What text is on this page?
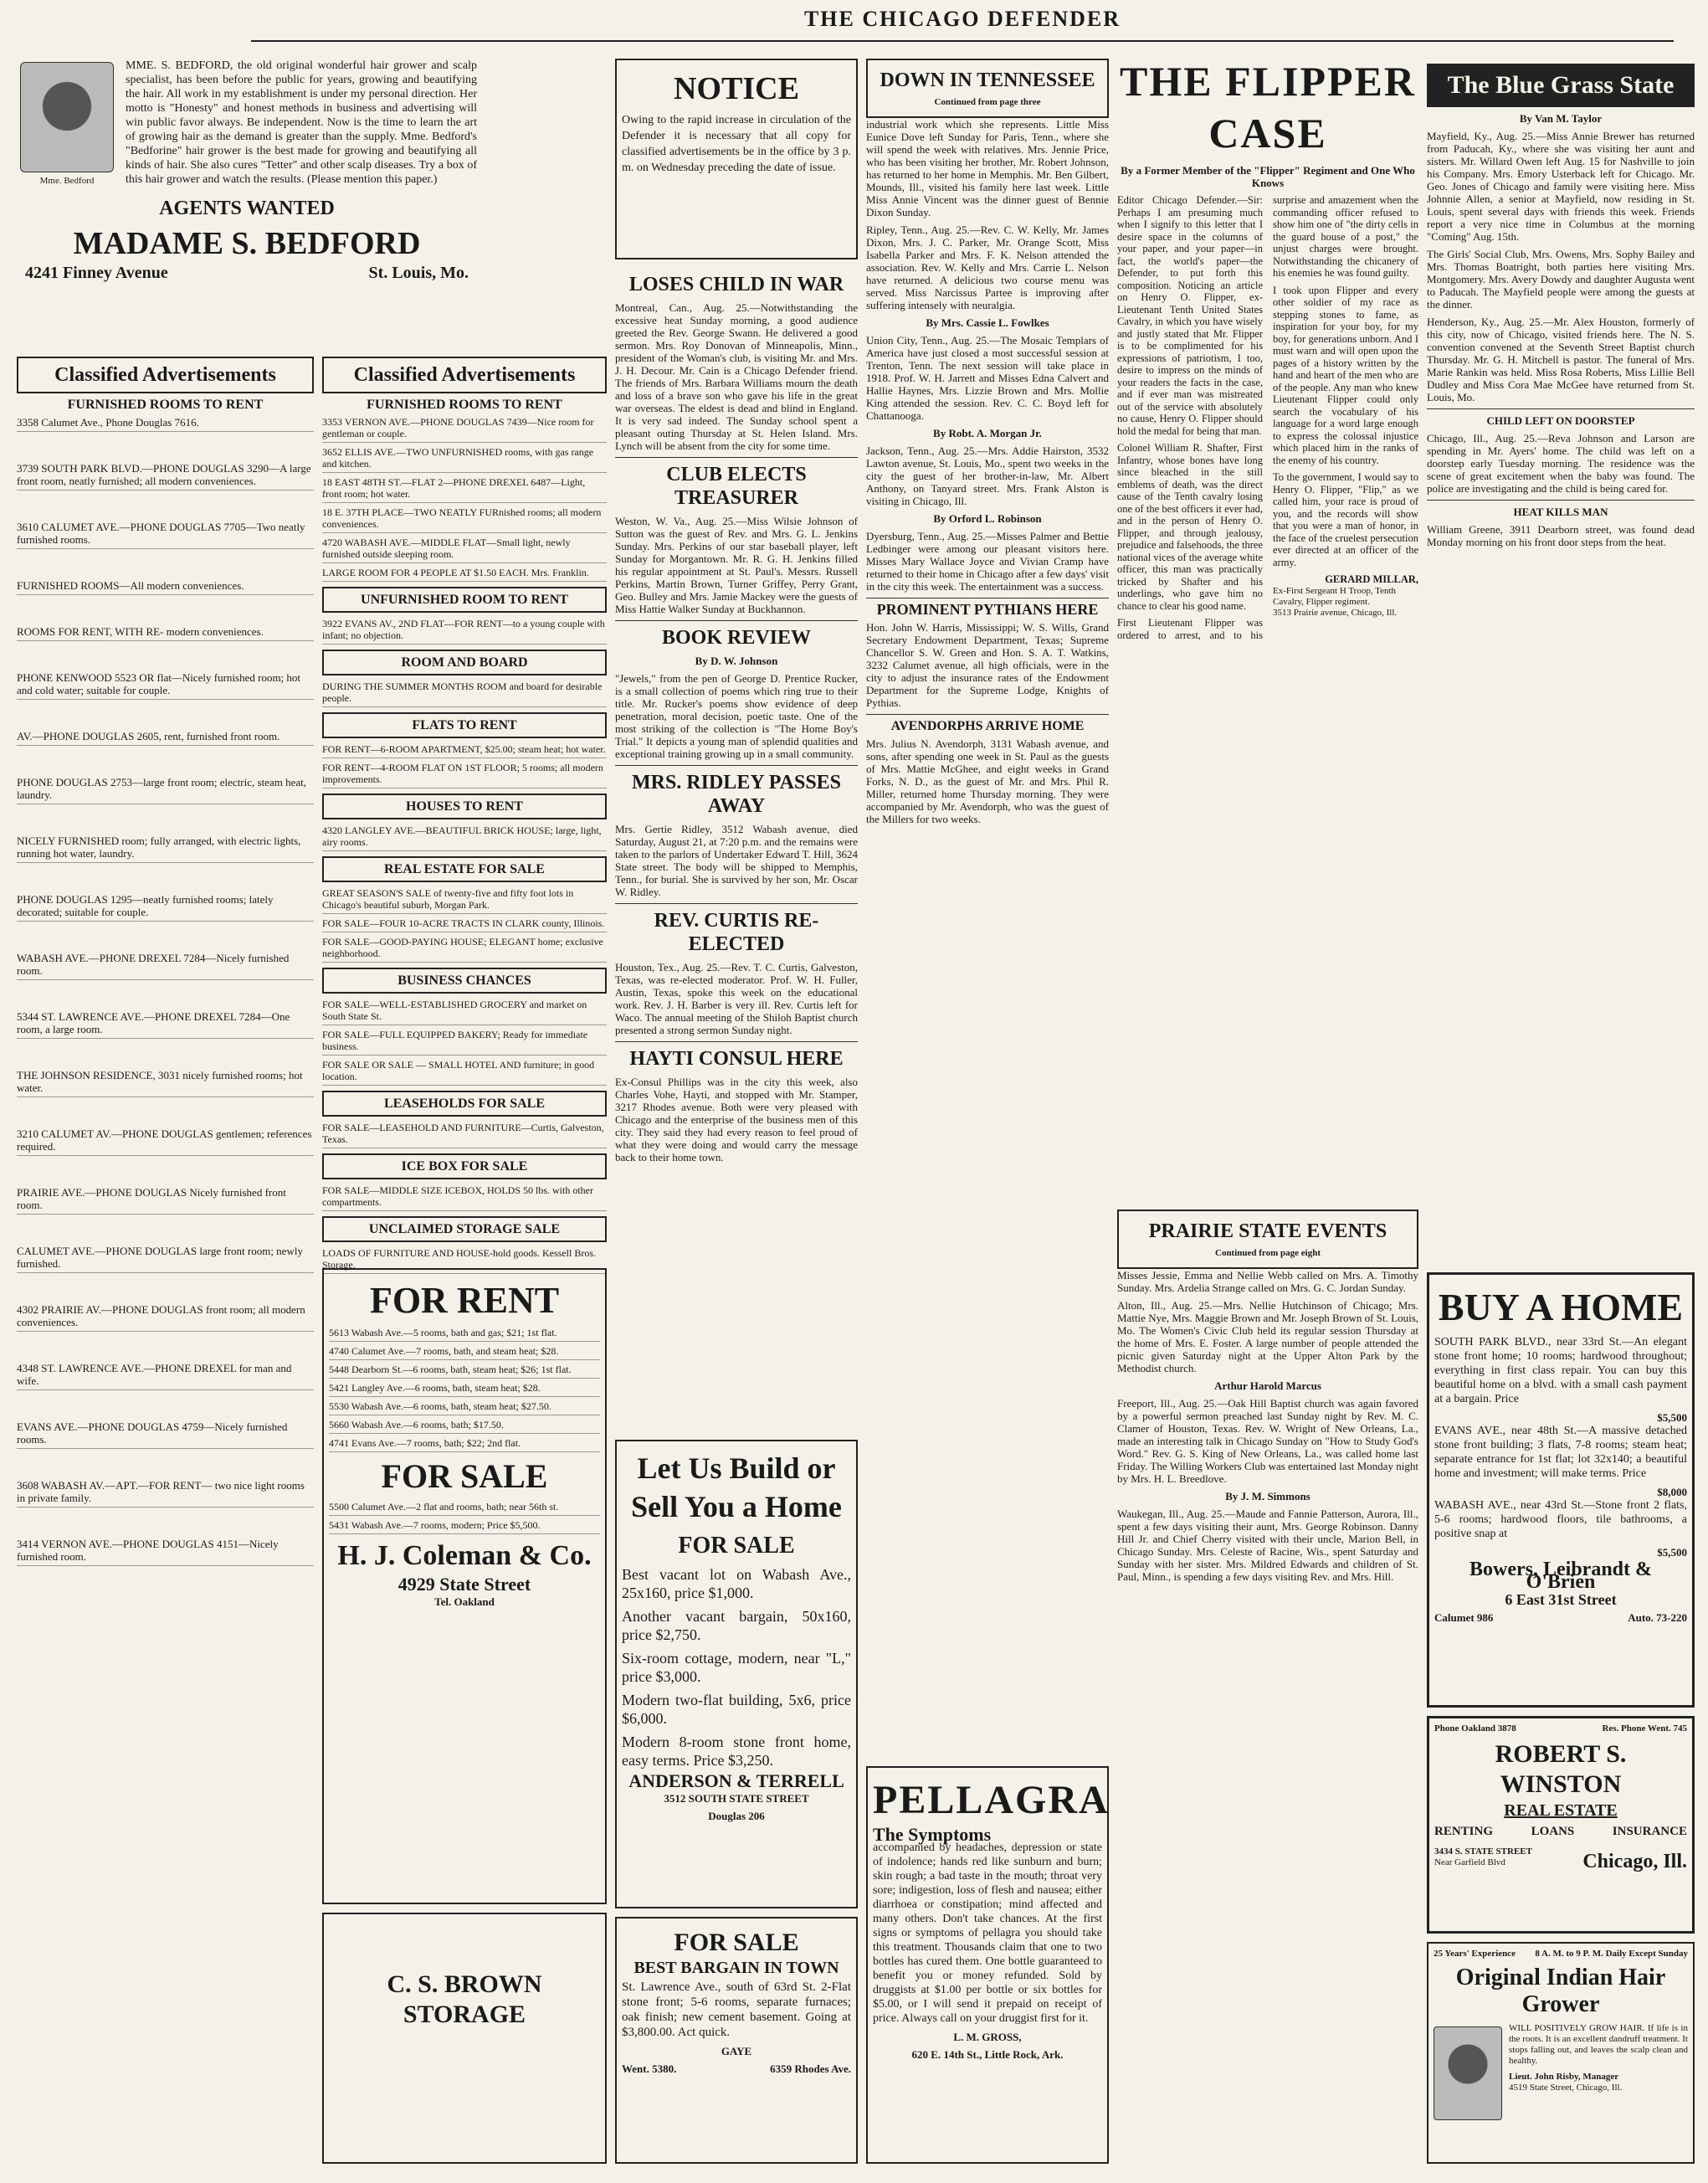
THE CHICAGO DEFENDER
Mme. Bedford

MME. S. BEDFORD, the old original wonderful hair grower and scalp specialist, has been before the public for years, growing and beautifying the hair. All work in my establishment is under my personal direction. Her motto is "Honesty" and honest methods in business and advertising will win public favor always. Be independent. Now is the time to learn the art of growing hair as the demand is greater than the supply. Mme. Bedford's "Bedforine" hair grower is the best made for growing and beautifying all kinds of hair. She also cures "Tetter" and other scalp diseases. Try a box of this hair grower and watch the results. (Please mention this paper.)

AGENTS WANTED
MADAME S. BEDFORD
4241 Finney Avenue	St. Louis, Mo.
Classified Advertisements
FURNISHED ROOMS TO RENT
3358 Calumet Ave., Phone Douglas 7616.
3739 SOUTH PARK BLVD.—PHONE DOUGLAS 3290—A large front room, neatly furnished; all modern conveniences.
3610 CALUMET AVE.—PHONE DOUGLAS 7705—Two neatly furnished rooms.
FURNISHED ROOMS—All modern conveniences.
ROOMS FOR RENT, WITH RE- modern conveniences.
PHONE KENWOOD 5523 OR flat—Nicely furnished room; hot and cold water; suitable for couple.
AV.—PHONE DOUGLAS 2605, rent, furnished front room.
PHONE DOUGLAS 2753—large front room; electric, steam heat, laundry.
NICELY FURNISHED room; fully arranged, with electric lights, running hot water, laundry.
PHONE DOUGLAS 1295—neatly furnished rooms; lately decorated; suitable for couple.
WABASH AVE.—PHONE DREXEL 7284—Nicely furnished room.
5344 ST. LAWRENCE AVE.—PHONE DREXEL 7284—One room, a large room.
THE JOHNSON RESIDENCE, 3031 nicely furnished rooms; hot water.
3210 CALUMET AV.—PHONE DOUGLAS gentlemen; references required.
PRAIRIE AVE.—PHONE DOUGLAS Nicely furnished front room.
CALUMET AVE.—PHONE DOUGLAS large front room; newly furnished.
4302 PRAIRIE AV.—PHONE DOUGLAS front room; all modern conveniences.
4348 ST. LAWRENCE AVE.—PHONE DREXEL for man and wife.
EVANS AVE.—PHONE DOUGLAS 4759—Nicely furnished rooms.
3608 WABASH AV.—APT.—FOR RENT— two nice light rooms in private family.
3414 VERNON AVE.—PHONE DOUGLAS 4151—Nicely furnished room.
Classified Advertisements
FURNISHED ROOMS TO RENT
3353 VERNON AVE.—PHONE DOUGLAS 7439—Nice room for gentleman or couple.
3652 ELLIS AVE.—TWO UNFURNISHED rooms, with gas range and kitchen.
18 EAST 48TH ST.—FLAT 2—PHONE DREXEL 6487—Light, front room; hot water.
18 E. 37TH PLACE—TWO NEATLY FURnished rooms; all modern conveniences.
4720 WABASH AVE.—MIDDLE FLAT—Small light, newly furnished outside sleeping room.
LARGE ROOM FOR 4 PEOPLE AT $1.50 EACH. Mrs. Franklin.
UNFURNISHED ROOM TO RENT
3922 EVANS AV., 2ND FLAT—FOR RENT—to a young couple with infant; no objection.
ROOM AND BOARD
DURING THE SUMMER MONTHS ROOM and board for desirable people.
FLATS TO RENT
FOR RENT—6-ROOM APARTMENT, $25.00; steam heat; hot water.
FOR RENT—4-ROOM FLAT ON 1ST FLOOR; 5 rooms; all modern improvements.
HOUSES TO RENT
4320 LANGLEY AVE.—BEAUTIFUL BRICK HOUSE; large, light, airy rooms.
REAL ESTATE FOR SALE
GREAT SEASON'S SALE of twenty-five and fifty foot lots in Chicago's beautiful suburb, Morgan Park.
FOR SALE—FOUR 10-ACRE TRACTS IN CLARK county, Illinois.
FOR SALE—GOOD-PAYING HOUSE; ELEGANT home; exclusive neighborhood.
BUSINESS CHANCES
FOR SALE—WELL-ESTABLISHED GROCERY and market on South State St.
FOR SALE—FULL EQUIPPED BAKERY; Ready for immediate business.
FOR SALE OR SALE — SMALL HOTEL AND furniture; in good location.
LEASEHOLDS FOR SALE
FOR SALE—LEASEHOLD AND FURNITURE—Curtis, Galveston, Texas.
ICE BOX FOR SALE
FOR SALE—MIDDLE SIZE ICEBOX, HOLDS 50 lbs. with other compartments.
UNCLAIMED STORAGE SALE
LOADS OF FURNITURE AND HOUSE-hold goods. Kessell Bros. Storage.
FOR RENT
5613 Wabash Ave.—5 rooms, bath and gas; $21; 1st flat.
4740 Calumet Ave.—7 rooms, bath, and steam heat; $28.
5448 Dearborn St.—6 rooms, bath, steam heat; $26; 1st flat.
5421 Langley Ave.—6 rooms, bath, steam heat; $28.
5530 Wabash Ave.—6 rooms, bath, steam heat; $27.50.
5660 Wabash Ave.—6 rooms, bath; $17.50.
4741 Evans Ave.—7 rooms, bath; $22; 2nd flat.
FOR SALE
5500 Calumet Ave.—2 flat and rooms, bath; near 56th st.
5431 Wabash Ave.—7 rooms, modern; Price $5,500.
H. J. Coleman & Co.
4929 State Street
Tel. Oakland
C. S. BROWN STORAGE
NOTICE

Owing to the rapid increase in circulation of the Defender it is necessary that all copy for classified advertisements be in the office by 3 p. m. on Wednesday preceding the date of issue.

LOSES CHILD IN WAR

Montreal, Can., Aug. 25.—Notwithstanding the excessive heat Sunday morning, a good audience greeted the Rev. George Swann. He delivered a good sermon. Mrs. Roy Donovan of Minneapolis, Minn., president of the Woman's club, is visiting Mr. and Mrs. J. H. Decour. Mr. Cain is a Chicago Defender friend. The friends of Mrs. Barbara Williams mourn the death and loss of a brave son who gave his life in the great war overseas. The eldest is dead and blind in England. It is very sad indeed. The Sunday school spent a pleasant outing Thursday at St. Helen Island. Mrs. Lynch will be absent from the city for some time.

CLUB ELECTS TREASURER

Weston, W. Va., Aug. 25.—Miss Wilsie Johnson of Sutton was the guest of Rev. and Mrs. G. L. Jenkins Sunday. Mrs. Perkins of our star baseball player, left Sunday for Morgantown. Mr. R. G. H. Jenkins filled his regular appointment at St. Paul's. Messrs. Russell Perkins, Martin Brown, Turner Griffey, Perry Grant, Geo. Bulley and Mrs. Jamie Mackey were the guests of Miss Hattie Walker Sunday at Buckhannon.

BOOK REVIEW
By D. W. Johnson

"Jewels," from the pen of George D. Prentice Rucker, is a small collection of poems which ring true to their title. Mr. Rucker's poems show evidence of deep penetration, moral decision, poetic taste. One of the most striking of the collection is "The Home Boy's Trial." It depicts a young man of splendid qualities and exceptional training growing up in a small community.

MRS. RIDLEY PASSES AWAY

Mrs. Gertie Ridley, 3512 Wabash avenue, died Saturday, August 21, at 7:20 p.m. and the remains were taken to the parlors of Undertaker Edward T. Hill, 3624 State street. The body will be shipped to Memphis, Tenn., for burial. She is survived by her son, Mr. Oscar W. Ridley.

REV. CURTIS RE-ELECTED

Houston, Tex., Aug. 25.—Rev. T. C. Curtis, Galveston, Texas, was re-elected moderator. Prof. W. H. Fuller, Austin, Texas, spoke this week on the educational work. Rev. J. H. Barber is very ill. Rev. Curtis left for Waco. The annual meeting of the Shiloh Baptist church presented a strong sermon Sunday night.

HAYTI CONSUL HERE

Ex-Consul Phillips was in the city this week, also Charles Vohe, Hayti, and stopped with Mr. Stamper, 3217 Rhodes avenue. Both were very pleased with Chicago and the enterprise of the business men of this city. They said they had every reason to feel proud of what they were doing and would carry the message back to their home town.

Let Us Build or
Sell You a Home
FOR SALE

Best vacant lot on Wabash Ave., 25x160, price $1,000.

Another vacant bargain, 50x160, price $2,750.

Six-room cottage, modern, near "L," price $3,000.

Modern two-flat building, 5x6, price $6,000.

Modern 8-room stone front home, easy terms. Price $3,250.

ANDERSON & TERRELL
3512 SOUTH STATE STREET
Douglas 206
FOR SALE
BEST BARGAIN IN TOWN

St. Lawrence Ave., south of 63rd St. 2-Flat stone front; 5-6 rooms, separate furnaces; oak finish; new cement basement. Going at $3,800.00. Act quick.

GAYE
Went. 5380.	6359 Rhodes Ave.
DOWN IN TENNESSEE
Continued from page three

industrial work which she represents. Little Miss Eunice Dove left Sunday for Paris, Tenn., where she will spend the week with relatives. Mrs. Jennie Price, who has been visiting her brother, Mr. Robert Johnson, has returned to her home in Memphis. Mr. Ben Gilbert, Mounds, Ill., visited his family here last week. Little Miss Annie Vincent was the dinner guest of Bennie Dixon Sunday.

Ripley, Tenn., Aug. 25.—Rev. C. W. Kelly, Mr. James Dixon, Mrs. J. C. Parker, Mr. Orange Scott, Miss Isabella Parker and Mrs. F. K. Nelson attended the association. Rev. W. Kelly and Mrs. Carrie L. Nelson have returned. A delicious two course menu was served. Miss Narcissus Partee is improving after suffering intensely with neuralgia.

By Mrs. Cassie L. Fowlkes

Union City, Tenn., Aug. 25.—The Mosaic Templars of America have just closed a most successful session at Trenton, Tenn. The next session will take place in 1918. Prof. W. H. Jarrett and Misses Edna Calvert and Hallie Haynes, Mrs. Lizzie Brown and Mrs. Mollie King attended the session. Rev. C. C. Boyd left for Chattanooga.

By Robt. A. Morgan Jr.

Jackson, Tenn., Aug. 25.—Mrs. Addie Hairston, 3532 Lawton avenue, St. Louis, Mo., spent two weeks in the city the guest of her brother-in-law, Mr. Albert Anthony, on Tanyard street. Mrs. Frank Alston is visiting in Chicago, Ill.

By Orford L. Robinson

Dyersburg, Tenn., Aug. 25.—Misses Palmer and Bettie Ledbinger were among our pleasant visitors here. Misses Mary Wallace Joyce and Vivian Cramp have returned to their home in Chicago after a few days' visit in the city this week. The entertainment was a success.

PROMINENT PYTHIANS HERE

Hon. John W. Harris, Mississippi; W. S. Wills, Grand Secretary Endowment Department, Texas; Supreme Chancellor S. W. Green and Hon. S. A. T. Watkins, 3232 Calumet avenue, all high officials, were in the city to adjust the insurance rates of the Endowment Department for the Supreme Lodge, Knights of Pythias.

AVENDORPHS ARRIVE HOME

Mrs. Julius N. Avendorph, 3131 Wabash avenue, and sons, after spending one week in St. Paul as the guests of Mrs. Mattie McGhee, and eight weeks in Grand Forks, N. D., as the guest of Mr. and Mrs. Phil R. Miller, returned home Thursday morning. They were accompanied by Mr. Avendorph, who was the guest of the Millers for two weeks.

PELLAGRA
The Symptoms

accompanied by headaches, depression or state of indolence; hands red like sunburn and burn; skin rough; a bad taste in the mouth; throat very sore; indigestion, loss of flesh and nausea; either diarrhoea or constipation; mind affected and many others. Don't take chances. At the first signs or symptoms of pellagra you should take this treatment. Thousands claim that one to two bottles has cured them. One bottle guaranteed to benefit you or money refunded. Sold by druggists at $1.00 per bottle or six bottles for $5.00, or I will send it prepaid on receipt of price. Always call on your druggist first for it.

L. M. GROSS,
620 E. 14th St., Little Rock, Ark.
THE FLIPPER CASE
By a Former Member of the "Flipper" Regiment and One Who Knows

Editor Chicago Defender.—Sir: Perhaps I am presuming much when I signify to this letter that I desire space in the columns of your paper, and your paper—in fact, the world's paper—the Defender, to put forth this composition. Noticing an article on Henry O. Flipper, ex-Lieutenant Tenth United States Cavalry, in which you have wisely and justly stated that Mr. Flipper is to be complimented for his expressions of patriotism, I too, desire to impress on the minds of your readers the facts in the case, and if ever man was mistreated out of the service with absolutely no cause, Henry O. Flipper should hold the medal for being that man.

Colonel William R. Shafter, First Infantry, whose bones have long since bleached in the still emblems of death, was the direct cause of the Tenth cavalry losing one of the best officers it ever had, and in the person of Henry O. Flipper, and through jealousy, prejudice and falsehoods, the three national vices of the average white officer, this man was practically tricked by Shafter and his underlings, who gave him no chance to clear his good name.

First Lieutenant Flipper was ordered to arrest, and to his surprise and amazement when the commanding officer refused to show him one of "the dirty cells in the guard house of a post," the unjust charges were brought. Notwithstanding the chicanery of his enemies he was found guilty.

I took upon Flipper and every other soldier of my race as stepping stones to fame, as inspiration for your boy, for my boy, for generations unborn. And I must warn and will open upon the pages of a history written by the hand and heart of the men who are of the people. Any man who knew Lieutenant Flipper could only search the vocabulary of his language for a word large enough to express the colossal injustice which placed him in the ranks of the enemy of his country.

To the government, I would say to Henry O. Flipper, "Flip," as we called him, your race is proud of you, and the records will show that you were a man of honor, in the face of the cruelest persecution ever directed at an officer of the army.

GERARD MILLAR,
Ex-First Sergeant H Troop, Tenth Cavalry, Flipper regiment.
3513 Prairie avenue, Chicago, Ill.
PRAIRIE STATE EVENTS
Continued from page eight

Misses Jessie, Emma and Nellie Webb called on Mrs. A. Timothy Sunday. Mrs. Ardelia Strange called on Mrs. G. C. Jordan Sunday.

Alton, Ill., Aug. 25.—Mrs. Nellie Hutchinson of Chicago; Mrs. Mattie Nye, Mrs. Maggie Brown and Mr. Joseph Brown of St. Louis, Mo. The Women's Civic Club held its regular session Thursday at the home of Mrs. E. Foster. A large number of people attended the picnic given Saturday night at the Upper Alton Park by the Methodist church.

Arthur Harold Marcus

Freeport, Ill., Aug. 25.—Oak Hill Baptist church was again favored by a powerful sermon preached last Sunday night by Rev. M. C. Clamer of Houston, Texas. Rev. W. Wright of New Orleans, La., made an interesting talk in Chicago Sunday on "How to Study God's Word." Rev. G. S. King of New Orleans, La., was called home last Friday. The Willing Workers Club was entertained last Monday night by Mrs. H. L. Breedlove.

By J. M. Simmons

Waukegan, Ill., Aug. 25.—Maude and Fannie Patterson, Aurora, Ill., spent a few days visiting their aunt, Mrs. George Robinson. Danny Hill Jr. and Chief Cherry visited with their uncle, Marion Bell, in Chicago Sunday. Mrs. Celeste of Racine, Wis., spent Saturday and Sunday with her sister. Mrs. Mildred Edwards and children of St. Paul, Minn., is spending a few days visiting Rev. and Mrs. Hill.

The Blue Grass State
By Van M. Taylor

Mayfield, Ky., Aug. 25.—Miss Annie Brewer has returned from Paducah, Ky., where she was visiting her aunt and sisters. Mr. Willard Owen left Aug. 15 for Nashville to join his Company. Mrs. Emory Usterback left for Chicago. Mr. Geo. Jones of Chicago and family were visiting here. Miss Johnnie Allen, a senior at Mayfield, now residing in St. Louis, spent several days with friends this week. Friends report a very nice time in Columbus at the morning "Coming" Aug. 15th.

The Girls' Social Club, Mrs. Owens, Mrs. Sophy Bailey and Mrs. Thomas Boatright, both parties here visiting Mrs. Montgomery. Mrs. Avery Dowdy and daughter Augusta went to Paducah. The Mayfield people were among the guests at the dinner.

Henderson, Ky., Aug. 25.—Mr. Alex Houston, formerly of this city, now of Chicago, visited friends here. The N. S. convention convened at the Seventh Street Baptist church Thursday. Mr. G. H. Mitchell is pastor. The funeral of Mrs. Marie Rankin was held. Miss Rosa Roberts, Miss Lillie Bell Dudley and Miss Cora Mae McGee have returned from St. Louis, Mo.

CHILD LEFT ON DOORSTEP

Chicago, Ill., Aug. 25.—Reva Johnson and Larson are spending in Mr. Ayers' home. The child was left on a doorstep early Tuesday morning. The residence was the scene of great excitement when the baby was found. The police are investigating and the child is being cared for.

HEAT KILLS MAN

William Greene, 3911 Dearborn street, was found dead Monday morning on his front door steps from the heat.

BUY A HOME

SOUTH PARK BLVD., near 33rd St.—An elegant stone front home; 10 rooms; hardwood throughout; everything in first class repair. You can buy this beautiful home on a blvd. with a small cash payment at a bargain. Price

$5,500

EVANS AVE., near 48th St.—A massive detached stone front building; 3 flats, 7-8 rooms; steam heat; separate entrance for 1st flat; lot 32x140; a beautiful home and investment; will make terms. Price

$8,000

WABASH AVE., near 43rd St.—Stone front 2 flats, 5-6 rooms; hardwood floors, tile bathrooms, a positive snap at

$5,500
Bowers, Leibrandt & O'Brien
6 East 31st Street
Calumet 986	Auto. 73-220
Phone Oakland 3878	Res. Phone Went. 745
ROBERT S. WINSTON
REAL ESTATE
RENTING	LOANS	INSURANCE
3434 S. STATE STREET
Near Garfield Blvd	Chicago, Ill.
25 Years' Experience 8 A. M. to 9 P. M. Daily Except Sunday
Original Indian Hair Grower

WILL POSITIVELY GROW HAIR. If life is in the roots. It is an excellent dandruff treatment. It stops falling out, and leaves the scalp clean and healthy.

Lieut. John Risby, Manager
4519 State Street, Chicago, Ill.
